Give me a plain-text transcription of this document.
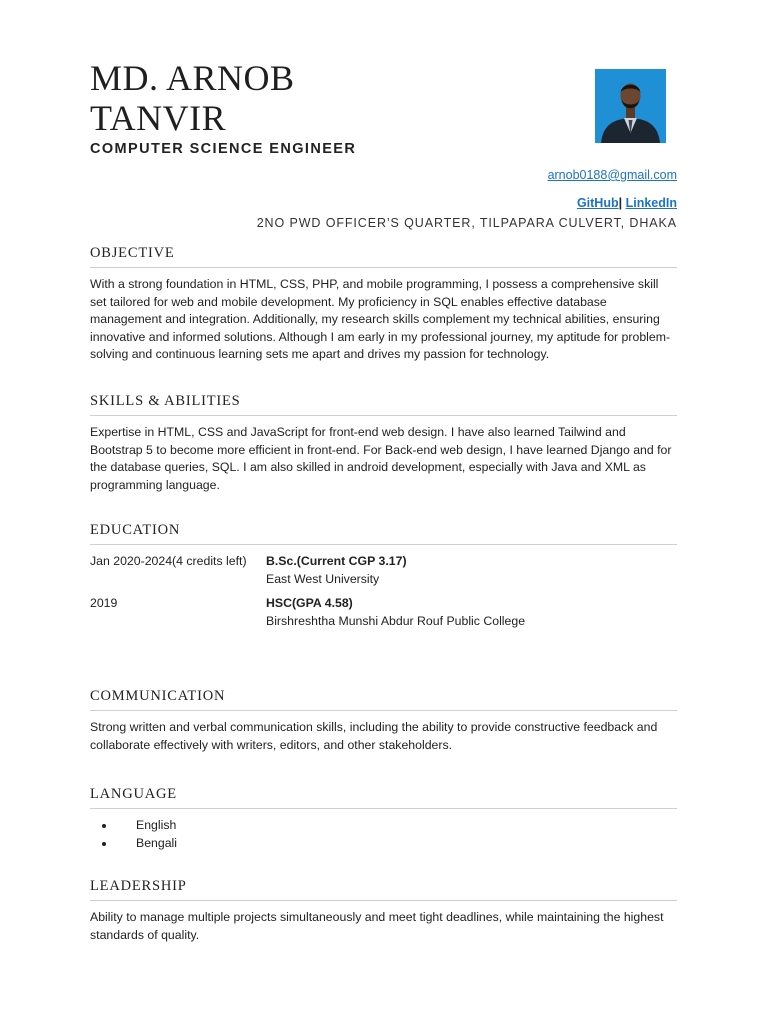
MD. ARNOB
TANVIR
COMPUTER SCIENCE ENGINEER
arnob0188@gmail.com
GitHub| LinkedIn
2NO PWD OFFICER’S QUARTER, TILPAPARA CULVERT, DHAKA
OBJECTIVE

With a strong foundation in HTML, CSS, PHP, and mobile programming, I possess a comprehensive skill set tailored for web and mobile development. My proficiency in SQL enables effective database management and integration. Additionally, my research skills complement my technical abilities, ensuring innovative and informed solutions. Although I am early in my professional journey, my aptitude for problem-solving and continuous learning sets me apart and drives my passion for technology.

SKILLS & ABILITIES

Expertise in HTML, CSS and JavaScript for front-end web design. I have also learned Tailwind and Bootstrap 5 to become more efficient in front-end. For Back-end web design, I have learned Django and for the database queries, SQL. I am also skilled in android development, especially with Java and XML as programming language.

EDUCATION
Jan 2020-2024(4 credits left) B.Sc.(Current CGP 3.17)
East West University
2019	HSC(GPA 4.58)
Birshreshtha Munshi Abdur Rouf Public College
COMMUNICATION

Strong written and verbal communication skills, including the ability to provide constructive feedback and collaborate effectively with writers, editors, and other stakeholders.

LANGUAGE
• English
• Bengali
LEADERSHIP

Ability to manage multiple projects simultaneously and meet tight deadlines, while maintaining the highest standards of quality.
